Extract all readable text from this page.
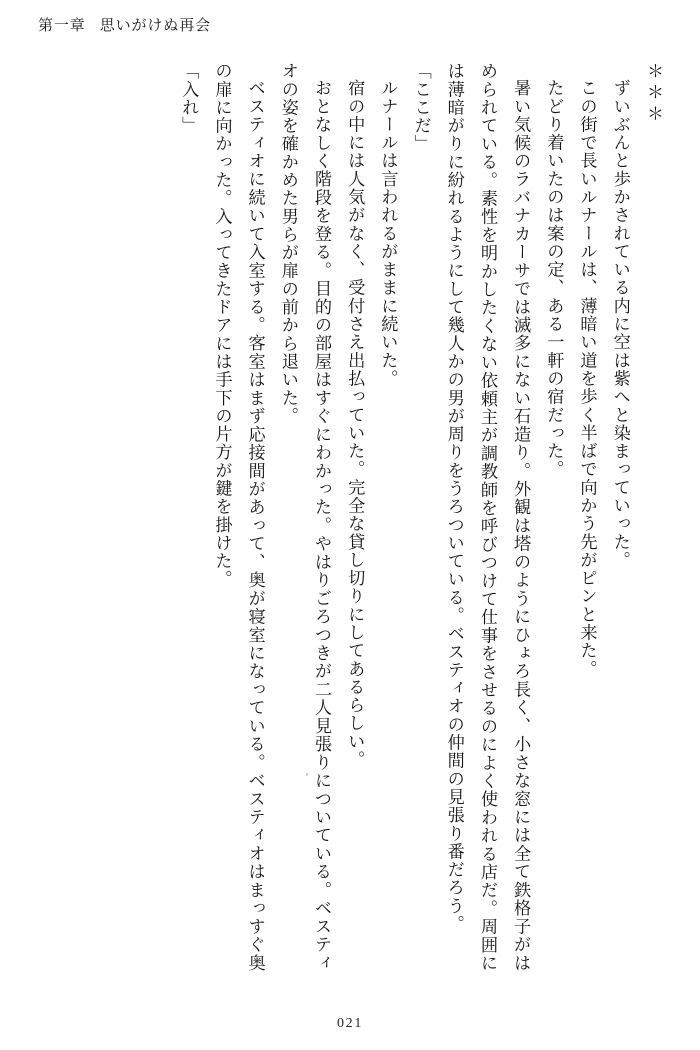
第一章 思いがけぬ再会

＊＊＊

ずいぶんと歩かされている内に空は紫へと染まっていった。

この街で長いルナールは、薄暗い道を歩く半ばで向かう先がピンと来た。

たどり着いたのは案の定、ある一軒の宿だった。

暑い気候のラバナカーサでは滅多にない石造り。外観は塔のようにひょろ長く、小さな窓には全て鉄格子がはめられている。素性を明かしたくない依頼主が調教師を呼びつけて仕事をさせるのによく使われる店だ。周囲には薄暗がりに紛れるようにして幾人かの男が周りをうろついている。ベスティオの仲間の見張り番だろう。

「ここだ」

ルナールは言われるがままに続いた。

宿の中には人気がなく、受付さえ出払っていた。完全な貸し切りにしてあるらしい。

おとなしく階段を登る。目的の部屋はすぐにわかった。やはりごろつきが二人見張りについている。ベスティオの姿を確かめた男らが扉の前から退いた。

ベスティオに続いて入室する。客室はまず応接間があって、奥が寝室になっている。ベスティオはまっすぐ奥の扉に向かった。入ってきたドアには手下の片方が鍵を掛けた。

「入れ」

021
